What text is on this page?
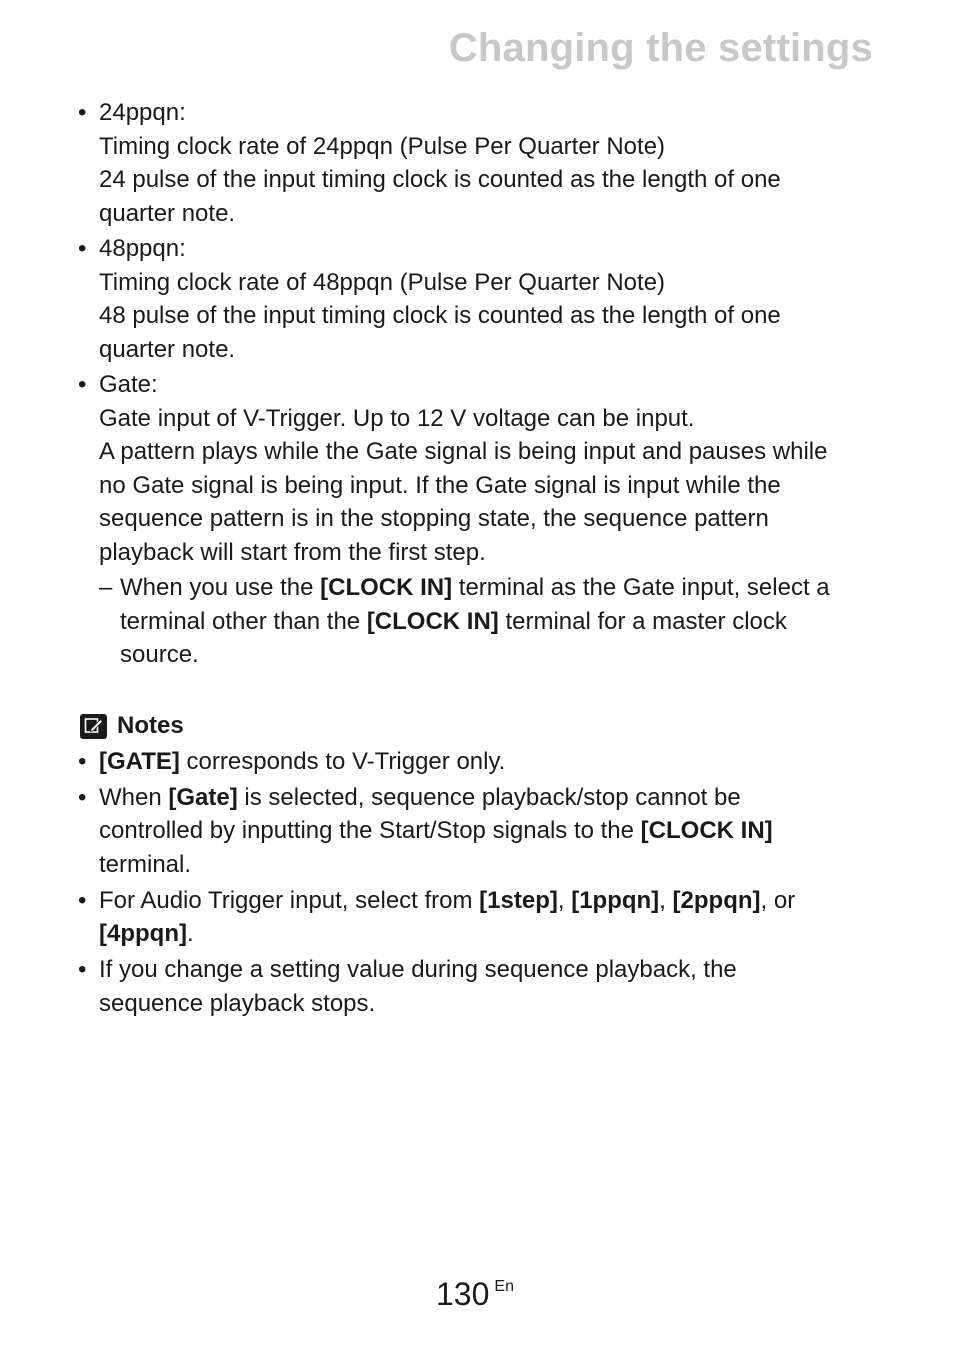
Changing the settings
• 24ppqn:
Timing clock rate of 24ppqn (Pulse Per Quarter Note)
24 pulse of the input timing clock is counted as the length of one
quarter note.
• 48ppqn:
Timing clock rate of 48ppqn (Pulse Per Quarter Note)
48 pulse of the input timing clock is counted as the length of one
quarter note.
• Gate:
Gate input of V-Trigger. Up to 12 V voltage can be input.
A pattern plays while the Gate signal is being input and pauses while
no Gate signal is being input. If the Gate signal is input while the
sequence pattern is in the stopping state, the sequence pattern
playback will start from the first step.
– When you use the [CLOCK IN] terminal as the Gate input, select a
terminal other than the [CLOCK IN] terminal for a master clock
source.
Notes
• [GATE] corresponds to V-Trigger only.
• When [Gate] is selected, sequence playback/stop cannot be
controlled by inputting the Start/Stop signals to the [CLOCK IN]
terminal.
• For Audio Trigger input, select from [1step], [1ppqn], [2ppqn], or
[4ppqn].
• If you change a setting value during sequence playback, the
sequence playback stops.
130 $^{En}$
